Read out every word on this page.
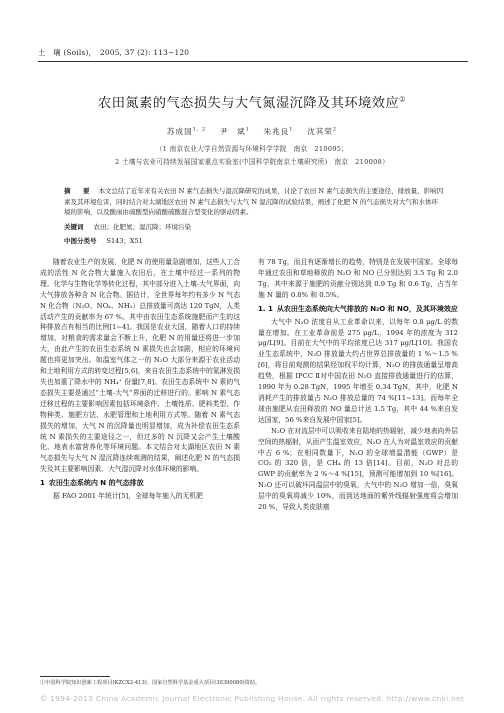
土　壤 (Soils)，　2005, 37 (2): 113~120
农田氮素的气态损失与大气氮湿沉降及其环境效应①
苏成国$^{1, 2}$ 尹　斌$^1$ 朱兆良$^1$ 沈其荣$^2$
（1 南京农业大学自然资源与环境科学学院　南京　210095；
2 土壤与农业可持续发展国家重点实验室(中国科学院南京土壤研究所)　南京　210008）
摘　要 本文总结了近年来有关农田 N 素气态损失与湿沉降研究的成果，讨论了农田 N 素气态损失的主要途径、排放量、影响因素及其环境危害，同时结合对太湖地区农田 N 素气态损失与大气 N 湿沉降的试验结果，阐述了化肥 N 的气态损失对大气和水体环境的影响，以及酸雨由硫酸型向硝酸硫酸混合型变化的驱动因素。
关键词 农田；化肥氮；湿沉降；环境污染
中图分类号 S143；X51

随着农业生产的发展，化肥 N 的使用量急剧增加，这些人工合成的活性 N 化合物大量施入农田后，在土壤中经过一系列的物理、化学与生物化学等转化过程，其中部分进入土壤-大气界面，向大气排放各种含 N 化合物。据估计，全世界每年约有多少 N 气态 N 化合物（N₂O、NOₓ、NH₃）总排放量可高达 120 TgN，人类活动产生的贡献率为 67 %。其中由农田生态系统施肥而产生的这种排放占有相当的比例[1~4]。我国是农业大国，随着人口的持续增加，对粮食的需求量会不断上升，化肥 N 的用量还将进一步加大，由此产生的农田生态系统 N 素损失也会加剧，相应的环境问题也将更加突出。如温室气体之一的 N₂O 大部分来源于农业活动和土地利用方式的转变过程[5,6]，来自农田生态系统中的氮淋发损失也加重了降水中的 NH₄⁺ 份量[7,8]。农田生态系统中 N 素的气态损失主要是通过“土壤-大气”界面的迁移进行的。影响 N 素气态迁移过程的主要影响因素包括环境条件、土壤性质、肥料类型、作物种类、施肥方法、水肥管理和土地利用方式等。随着 N 素气态损失的增加，大气 N 的沉降量也明显增加，成为补偿农田生态系统 N 素损失的主要途径之一，但过多的 N 沉降又会产生土壤酸化、地表水富营养化等环境问题。本文结合对太湖地区农田 N 素气态损失与大气 N 湿沉降连续观测的结果，阐述化肥 N 的气态损失及其主要影响因素、大气湿沉降对水体环境的影响。

1 农田生态系统内 N 的气态排放

据 FAO 2001 年统计[5]，全球每年施入的无机肥

有 78 Tg，而且有逐渐增长的趋势，特别是在发展中国家。全球每年通过农田和草地释放的 N₂O 和 NO 已分别达到 3.5 Tg 和 2.0 Tg，其中来源于施肥的贡献分别达到 0.9 Tg 和 0.6 Tg，占当年施 N 量的 0.8% 和 0.5%。

1. 1 从农田生态系统向大气排放的 N₂O 和 NO，及其环境效应

大气中 N₂O 浓度自从工业革命以来，以每年 0.8 μg/L 的数量在增加。在工业革命前是 275 μg/L，1994 年的浓度为 312 μg/L[9]。目前在大气中的平均浓度已达 317 μg/L[10]。我国农业生态系统中，N₂O 排放量大约占世界总排放量的 1 %～1.5 %[6]，将目前观测的结果经加权平均计算，N₂O 的排放通量呈增高趋势，根据 IPCC Ⅱ对中国农田 N₂O 直接排放通量进行的估算，1990 年为 0.28 TgN，1995 年增至 0.34 TgN，其中，化肥 N 消耗产生的排放量占 N₂O 排放总量的 74 %[11~13]。而每年全球由施肥从农田释放的 NO 量总计达 1.5 Tg，其中 44 %来自发达国家，56 %来自发展中国家[5]。

N₂O 在对流层中可以吸收来自陆地的热辐射，减少地表向外层空间的热辐射，从而产生温室效应，N₂O 在人为对温室效应的贡献中占 6 %；在相同数量下，N₂O 的全球增温潜能（GWP）是 CO₂ 的 320 倍，是 CH₄ 的 13 倍[14]。目前，N₂O 对总的 GWP 的贡献率为 2 %～4 %[15]，预测可能增加到 10 %[16]。N₂O 还可以破坏同温层中的臭氧，大气中的 N₂O 增加一倍，臭氧层中的臭氧将减少 10%，而到达地面的紫外线辐射强度将会增加 20 %，导致人类皮肤癌

①中国科学院知识创新工程项目(KZCX2-413)、国家自然科学基金重大项目(30390080)资助。
© 1994-2013 China Academic Journal Electronic Publishing House. All rights reserved. http://www.cnki.net
